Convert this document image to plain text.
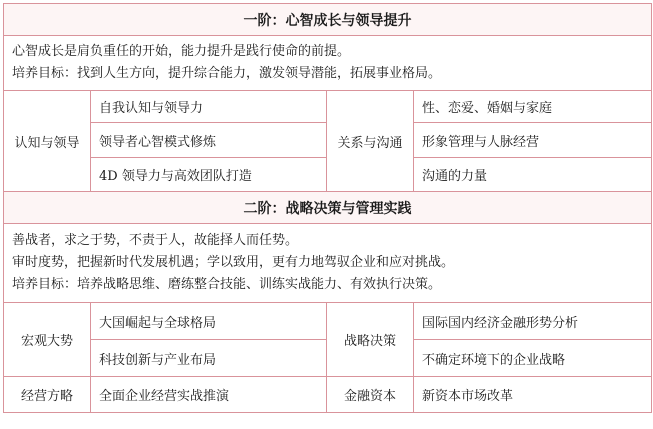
一阶：心智成长与领导提升			

心智成长是肩负重任的开始，能力提升是践行使命的前提。
培养目标：找到人生方向，提升综合能力，激发领导潜能，拓展事业格局。			

认知与领导	自我认知与领导力	关系与沟通	性、恋爱、婚姻与家庭
	领导者心智模式修炼		形象管理与人脉经营
	4D 领导力与高效团队打造		沟通的力量
二阶：战略决策与管理实践			

善战者，求之于势，不责于人，故能择人而任势。
审时度势，把握新时代发展机遇；学以致用，更有力地驾驭企业和应对挑战。
培养目标：培养战略思维、磨练整合技能、训练实战能力、有效执行决策。			

宏观大势	大国崛起与全球格局	战略决策	国际国内经济金融形势分析
	科技创新与产业布局		不确定环境下的企业战略
经营方略	全面企业经营实战推演	金融资本	新资本市场改革
